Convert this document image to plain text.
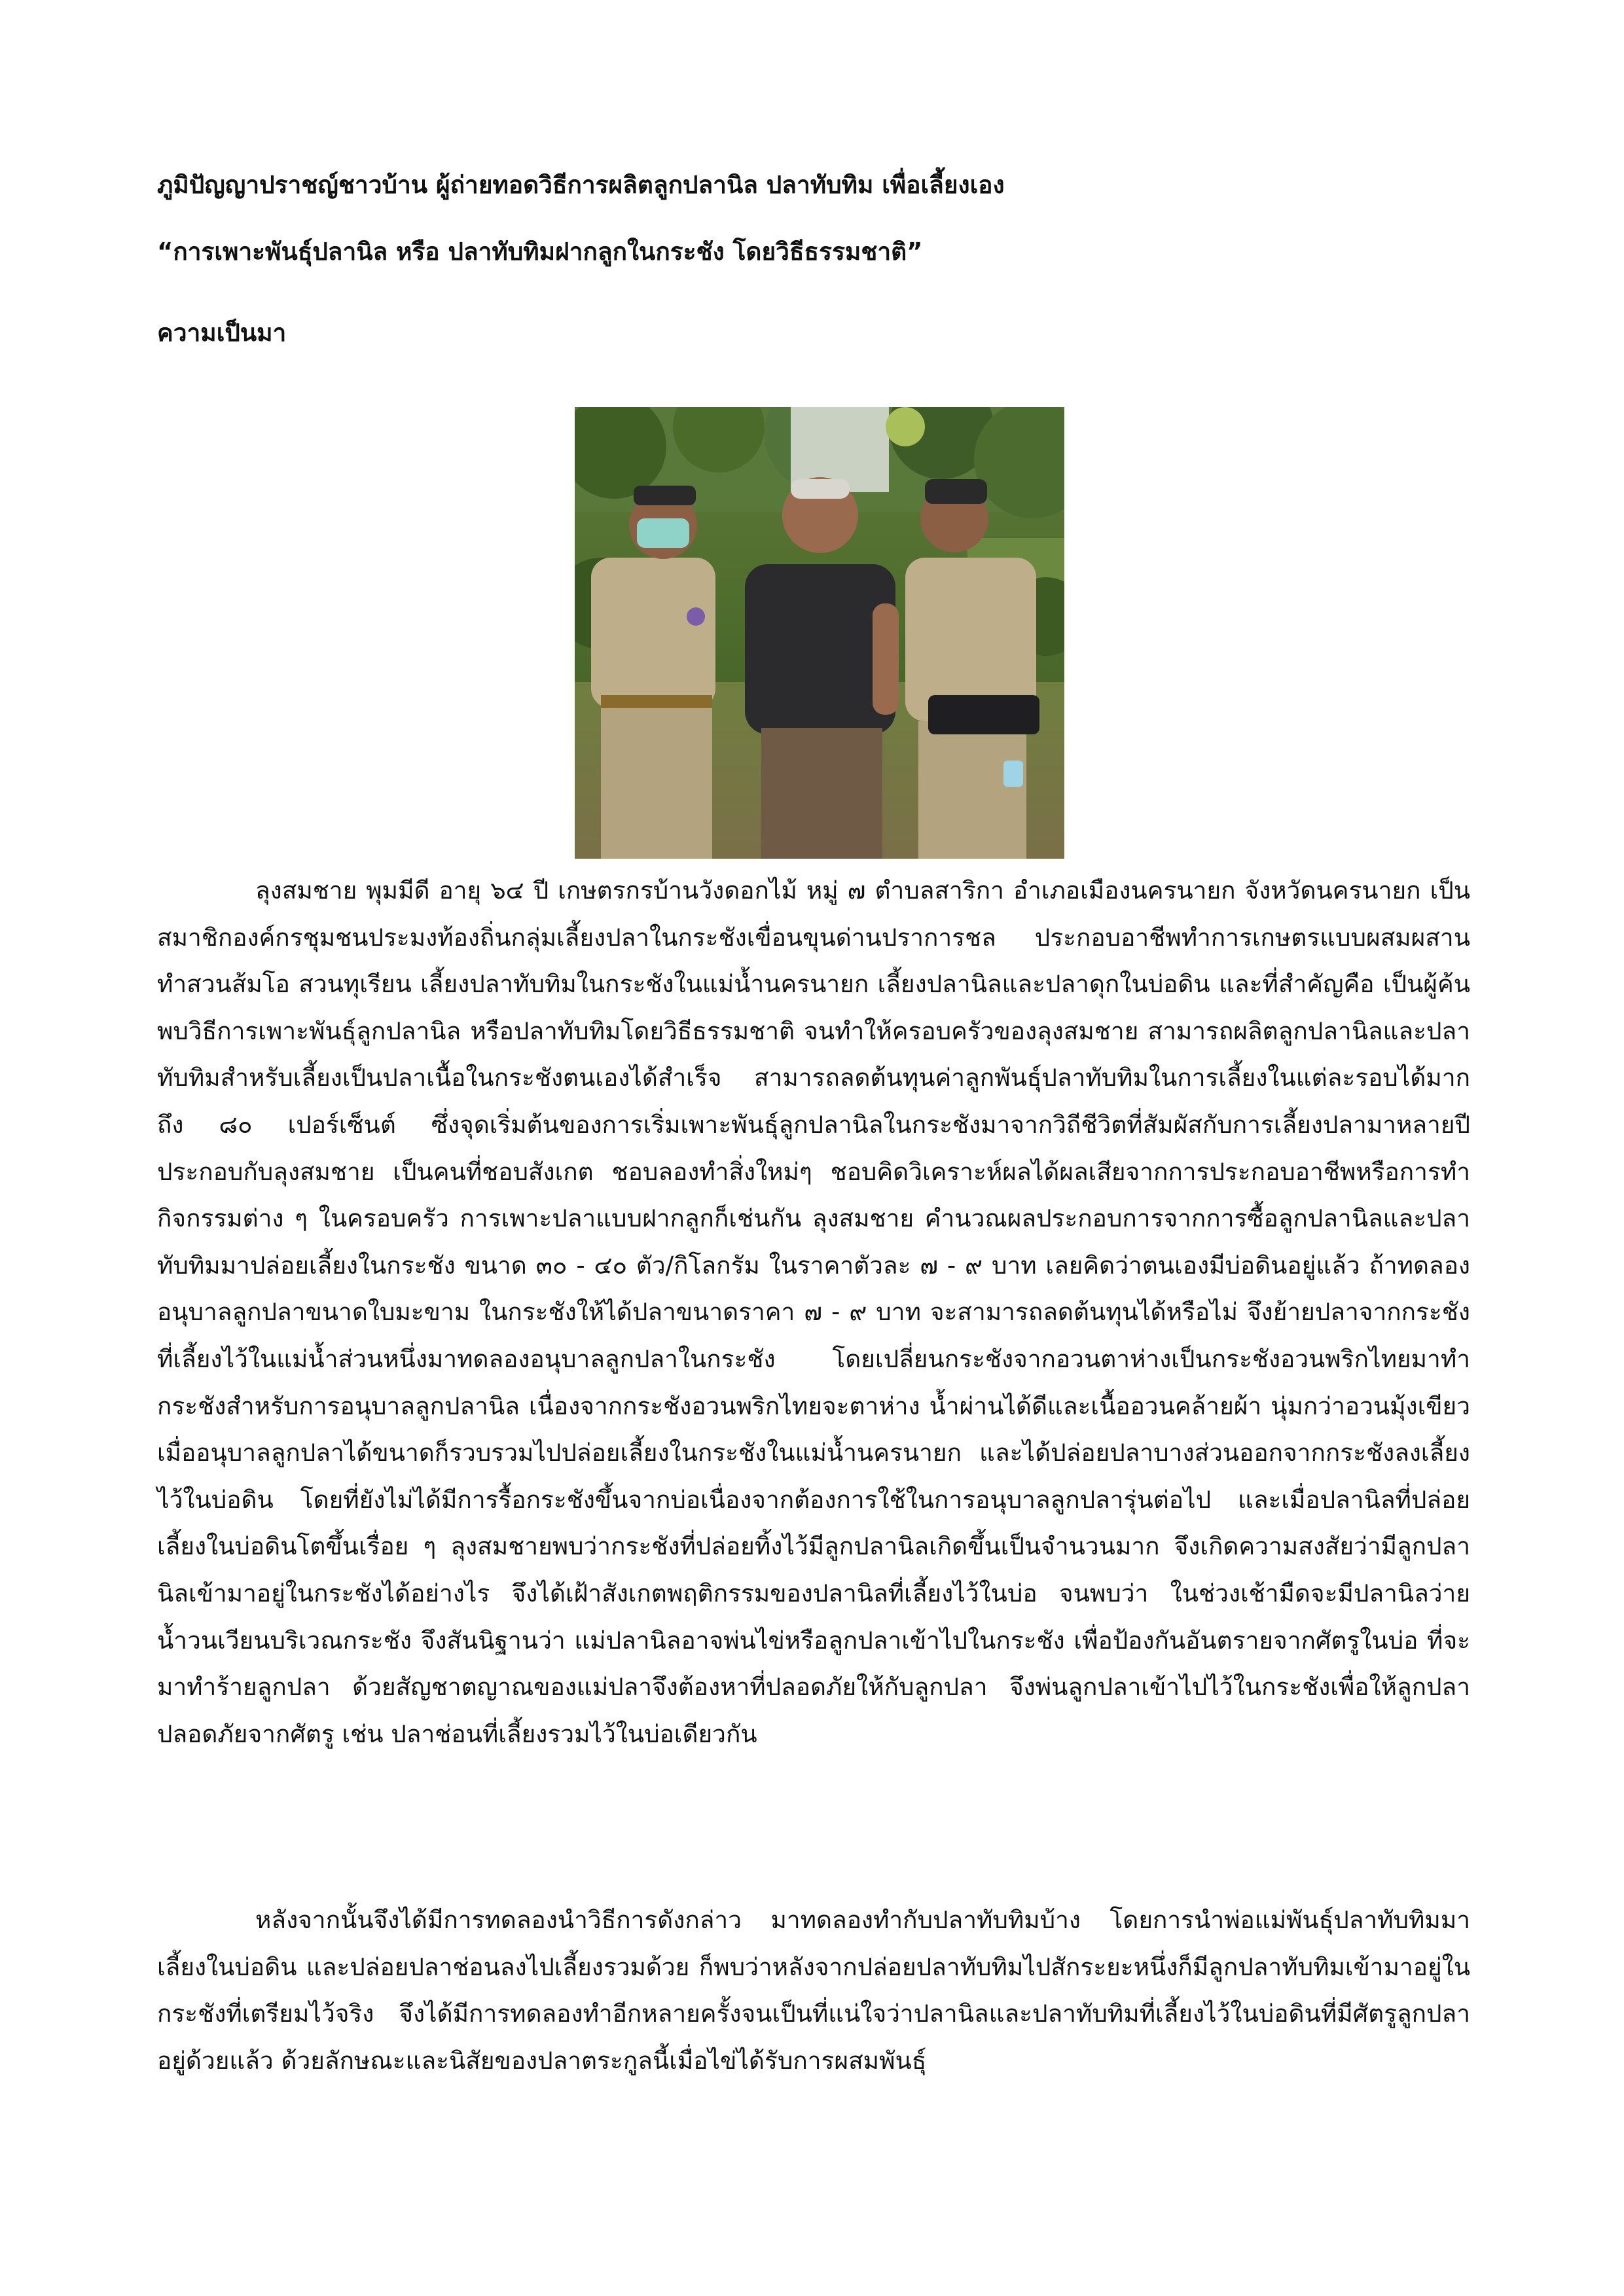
ภูมิปัญญาปราชญ์ชาวบ้าน ผู้ถ่ายทอดวิธีการผลิตลูกปลานิล ปลาทับทิม เพื่อเลี้ยงเอง
“การเพาะพันธุ์ปลานิล หรือ ปลาทับทิมฝากลูกในกระชัง โดยวิธีธรรมชาติ”
ความเป็นมา
ลุงสมชาย พุมมีดี อายุ ๖๔ ปี เกษตรกรบ้านวังดอกไม้ หมู่ ๗ ตำบลสาริกา อำเภอเมืองนครนายก จังหวัดนครนายก เป็นสมาชิกองค์กรชุมชนประมงท้องถิ่นกลุ่มเลี้ยงปลาในกระชังเขื่อนขุนด่านปราการชล ประกอบอาชีพทำการเกษตรแบบผสมผสาน ทำสวนส้มโอ สวนทุเรียน เลี้ยงปลาทับทิมในกระชังในแม่น้ำนครนายก เลี้ยงปลานิลและปลาดุกในบ่อดิน และที่สำคัญคือ เป็นผู้ค้นพบวิธีการเพาะพันธุ์ลูกปลานิล หรือปลาทับทิมโดยวิธีธรรมชาติ จนทำให้ครอบครัวของลุงสมชาย สามารถผลิตลูกปลานิลและปลาทับทิมสำหรับเลี้ยงเป็นปลาเนื้อในกระชังตนเองได้สำเร็จ สามารถลดต้นทุนค่าลูกพันธุ์ปลาทับทิมในการเลี้ยงในแต่ละรอบได้มากถึง ๘๐ เปอร์เซ็นต์ ซึ่งจุดเริ่มต้นของการเริ่มเพาะพันธุ์ลูกปลานิลในกระชังมาจากวิถีชีวิตที่สัมผัสกับการเลี้ยงปลามาหลายปี ประกอบกับลุงสมชาย เป็นคนที่ชอบสังเกต ชอบลองทำสิ่งใหม่ๆ ชอบคิดวิเคราะห์ผลได้ผลเสียจากการประกอบอาชีพหรือการทำกิจกรรมต่าง ๆ ในครอบครัว การเพาะปลาแบบฝากลูกก็เช่นกัน ลุงสมชาย คำนวณผลประกอบการจากการซื้อลูกปลานิลและปลาทับทิมมาปล่อยเลี้ยงในกระชัง ขนาด ๓๐ - ๔๐ ตัว/กิโลกรัม ในราคาตัวละ ๗ - ๙ บาท เลยคิดว่าตนเองมีบ่อดินอยู่แล้ว ถ้าทดลองอนุบาลลูกปลาขนาดใบมะขาม ในกระชังให้ได้ปลาขนาดราคา ๗ - ๙ บาท จะสามารถลดต้นทุนได้หรือไม่ จึงย้ายปลาจากกระชังที่เลี้ยงไว้ในแม่น้ำส่วนหนึ่งมาทดลองอนุบาลลูกปลาในกระชัง โดยเปลี่ยนกระชังจากอวนตาห่างเป็นกระชังอวนพริกไทยมาทำกระชังสำหรับการอนุบาลลูกปลานิล เนื่องจากกระชังอวนพริกไทยจะตาห่าง น้ำผ่านได้ดีและเนื้ออวนคล้ายผ้า นุ่มกว่าอวนมุ้งเขียว เมื่ออนุบาลลูกปลาได้ขนาดก็รวบรวมไปปล่อยเลี้ยงในกระชังในแม่น้ำนครนายก และได้ปล่อยปลาบางส่วนออกจากกระชังลงเลี้ยงไว้ในบ่อดิน โดยที่ยังไม่ได้มีการรื้อกระชังขึ้นจากบ่อเนื่องจากต้องการใช้ในการอนุบาลลูกปลารุ่นต่อไป และเมื่อปลานิลที่ปล่อยเลี้ยงในบ่อดินโตขึ้นเรื่อย ๆ ลุงสมชายพบว่ากระชังที่ปล่อยทิ้งไว้มีลูกปลานิลเกิดขึ้นเป็นจำนวนมาก จึงเกิดความสงสัยว่ามีลูกปลานิลเข้ามาอยู่ในกระชังได้อย่างไร จึงได้เฝ้าสังเกตพฤติกรรมของปลานิลที่เลี้ยงไว้ในบ่อ จนพบว่า ในช่วงเช้ามืดจะมีปลานิลว่ายน้ำวนเวียนบริเวณกระชัง จึงสันนิฐานว่า แม่ปลานิลอาจพ่นไข่หรือลูกปลาเข้าไปในกระชัง เพื่อป้องกันอันตรายจากศัตรูในบ่อ ที่จะมาทำร้ายลูกปลา ด้วยสัญชาตญาณของแม่ปลาจึงต้องหาที่ปลอดภัยให้กับลูกปลา จึงพ่นลูกปลาเข้าไปไว้ในกระชังเพื่อให้ลูกปลาปลอดภัยจากศัตรู เช่น ปลาช่อนที่เลี้ยงรวมไว้ในบ่อเดียวกัน
หลังจากนั้นจึงได้มีการทดลองนำวิธีการดังกล่าว มาทดลองทำกับปลาทับทิมบ้าง โดยการนำพ่อแม่พันธุ์ปลาทับทิมมาเลี้ยงในบ่อดิน และปล่อยปลาช่อนลงไปเลี้ยงรวมด้วย ก็พบว่าหลังจากปล่อยปลาทับทิมไปสักระยะหนึ่งก็มีลูกปลาทับทิมเข้ามาอยู่ในกระชังที่เตรียมไว้จริง จึงได้มีการทดลองทำอีกหลายครั้งจนเป็นที่แน่ใจว่าปลานิลและปลาทับทิมที่เลี้ยงไว้ในบ่อดินที่มีศัตรูลูกปลาอยู่ด้วยแล้ว ด้วยลักษณะและนิสัยของปลาตระกูลนี้เมื่อไข่ได้รับการผสมพันธุ์
